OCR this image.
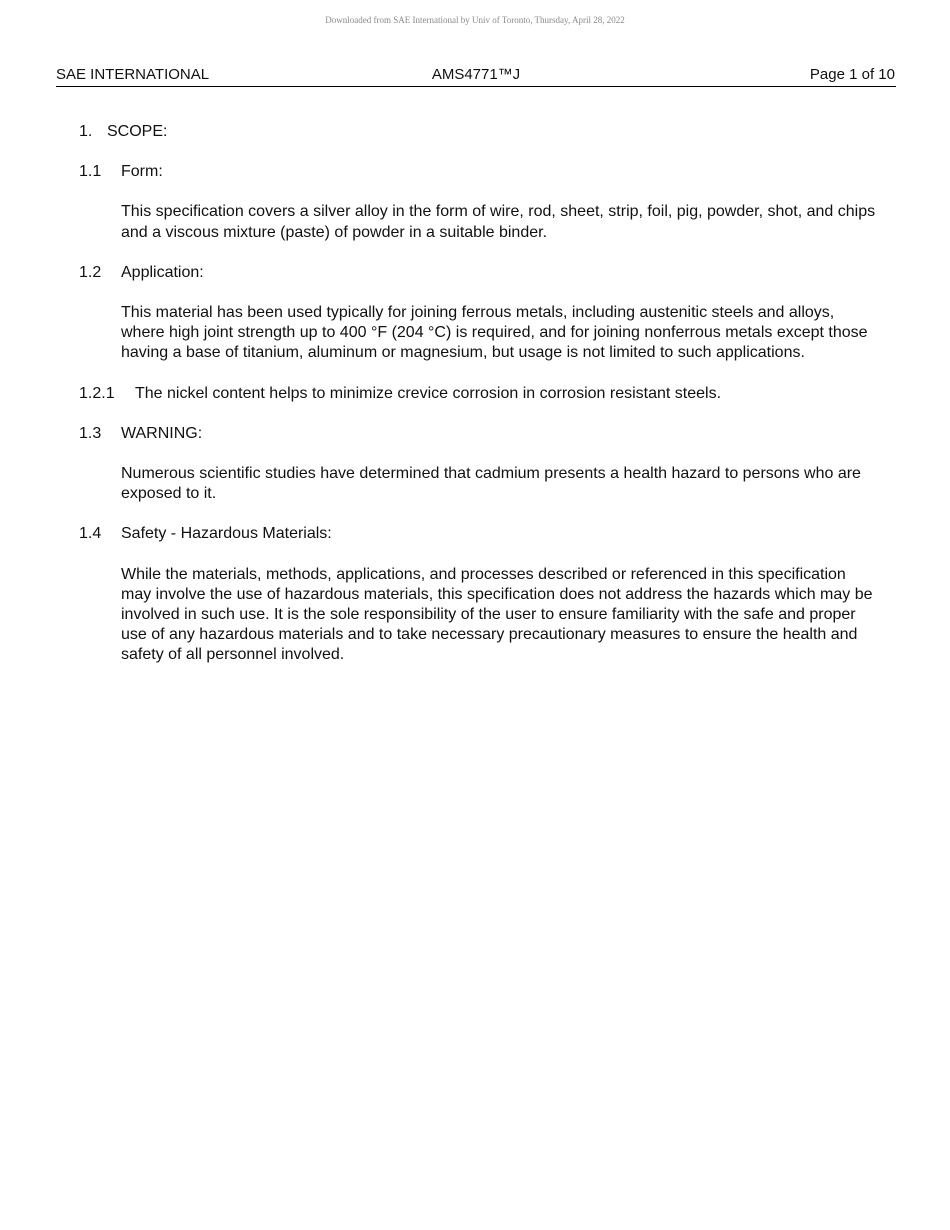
Downloaded from SAE International by Univ of Toronto, Thursday, April 28, 2022
SAE INTERNATIONAL	AMS4771™J	Page 1 of 10
1. SCOPE:
1.1	Form:
This specification covers a silver alloy in the form of wire, rod, sheet, strip, foil, pig, powder, shot, and chips and a viscous mixture (paste) of powder in a suitable binder.
1.2	Application:
This material has been used typically for joining ferrous metals, including austenitic steels and alloys, where high joint strength up to 400 °F (204 °C) is required, and for joining nonferrous metals except those having a base of titanium, aluminum or magnesium, but usage is not limited to such applications.
1.2.1	The nickel content helps to minimize crevice corrosion in corrosion resistant steels.
1.3	WARNING:
Numerous scientific studies have determined that cadmium presents a health hazard to persons who are exposed to it.
1.4	Safety - Hazardous Materials:
While the materials, methods, applications, and processes described or referenced in this specification may involve the use of hazardous materials, this specification does not address the hazards which may be involved in such use. It is the sole responsibility of the user to ensure familiarity with the safe and proper use of any hazardous materials and to take necessary precautionary measures to ensure the health and safety of all personnel involved.
